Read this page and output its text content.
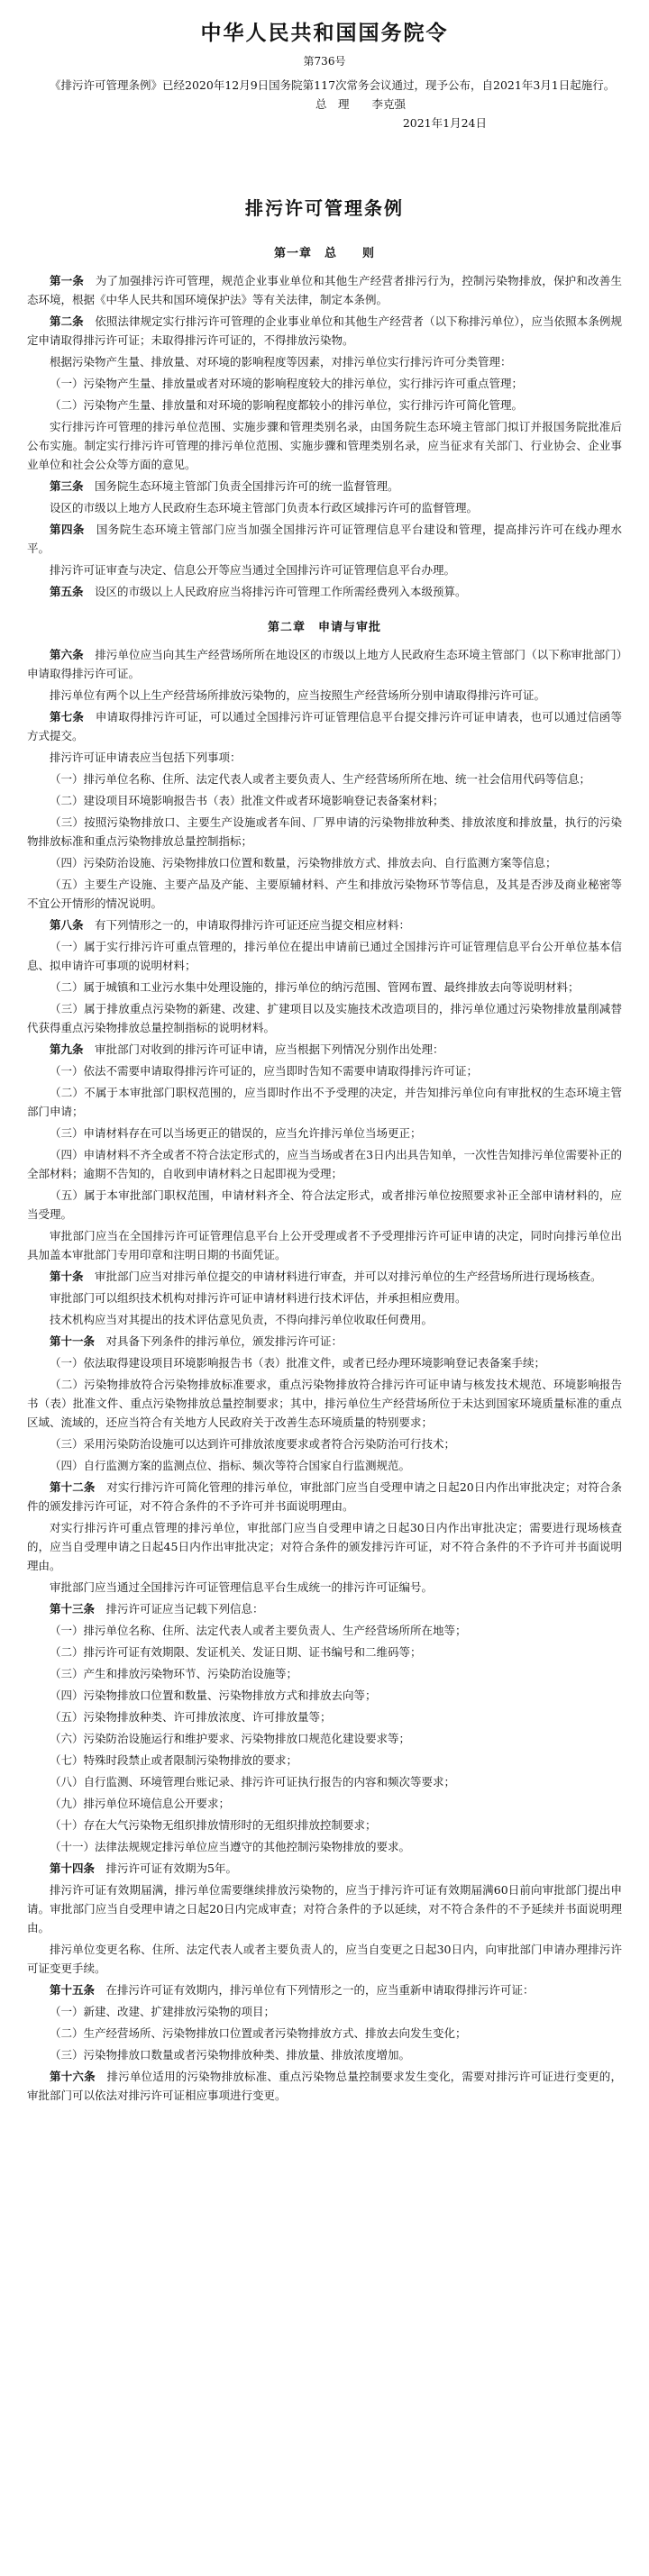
中华人民共和国国务院令
第736号

《排污许可管理条例》已经2020年12月9日国务院第117次常务会议通过，现予公布，自2021年3月1日起施行。

总　理   李克强

2021年1月24日

排污许可管理条例
第一章　总　　则

第一条　 为了加强排污许可管理，规范企业事业单位和其他生产经营者排污行为，控制污染物排放，保护和改善生态环境，根据《中华人民共和国环境保护法》等有关法律，制定本条例。

第二条　 依照法律规定实行排污许可管理的企业事业单位和其他生产经营者（以下称排污单位），应当依照本条例规定申请取得排污许可证；未取得排污许可证的，不得排放污染物。

根据污染物产生量、排放量、对环境的影响程度等因素，对排污单位实行排污许可分类管理：

（一）污染物产生量、排放量或者对环境的影响程度较大的排污单位，实行排污许可重点管理；

（二）污染物产生量、排放量和对环境的影响程度都较小的排污单位，实行排污许可简化管理。

实行排污许可管理的排污单位范围、实施步骤和管理类别名录，由国务院生态环境主管部门拟订并报国务院批准后公布实施。制定实行排污许可管理的排污单位范围、实施步骤和管理类别名录，应当征求有关部门、行业协会、企业事业单位和社会公众等方面的意见。

第三条　 国务院生态环境主管部门负责全国排污许可的统一监督管理。

设区的市级以上地方人民政府生态环境主管部门负责本行政区域排污许可的监督管理。

第四条　 国务院生态环境主管部门应当加强全国排污许可证管理信息平台建设和管理，提高排污许可在线办理水平。

排污许可证审查与决定、信息公开等应当通过全国排污许可证管理信息平台办理。

第五条　 设区的市级以上人民政府应当将排污许可管理工作所需经费列入本级预算。

第二章　申请与审批

第六条　 排污单位应当向其生产经营场所所在地设区的市级以上地方人民政府生态环境主管部门（以下称审批部门）申请取得排污许可证。

排污单位有两个以上生产经营场所排放污染物的，应当按照生产经营场所分别申请取得排污许可证。

第七条　 申请取得排污许可证，可以通过全国排污许可证管理信息平台提交排污许可证申请表，也可以通过信函等方式提交。

排污许可证申请表应当包括下列事项：

（一）排污单位名称、住所、法定代表人或者主要负责人、生产经营场所所在地、统一社会信用代码等信息；

（二）建设项目环境影响报告书（表）批准文件或者环境影响登记表备案材料；

（三）按照污染物排放口、主要生产设施或者车间、厂界申请的污染物排放种类、排放浓度和排放量，执行的污染物排放标准和重点污染物排放总量控制指标；

（四）污染防治设施、污染物排放口位置和数量，污染物排放方式、排放去向、自行监测方案等信息；

（五）主要生产设施、主要产品及产能、主要原辅材料、产生和排放污染物环节等信息，及其是否涉及商业秘密等不宜公开情形的情况说明。

第八条　 有下列情形之一的，申请取得排污许可证还应当提交相应材料：

（一）属于实行排污许可重点管理的，排污单位在提出申请前已通过全国排污许可证管理信息平台公开单位基本信息、拟申请许可事项的说明材料；

（二）属于城镇和工业污水集中处理设施的，排污单位的纳污范围、管网布置、最终排放去向等说明材料；

（三）属于排放重点污染物的新建、改建、扩建项目以及实施技术改造项目的，排污单位通过污染物排放量削减替代获得重点污染物排放总量控制指标的说明材料。

第九条　 审批部门对收到的排污许可证申请，应当根据下列情况分别作出处理：

（一）依法不需要申请取得排污许可证的，应当即时告知不需要申请取得排污许可证；

（二）不属于本审批部门职权范围的，应当即时作出不予受理的决定，并告知排污单位向有审批权的生态环境主管部门申请；

（三）申请材料存在可以当场更正的错误的，应当允许排污单位当场更正；

（四）申请材料不齐全或者不符合法定形式的，应当当场或者在3日内出具告知单，一次性告知排污单位需要补正的全部材料；逾期不告知的，自收到申请材料之日起即视为受理；

（五）属于本审批部门职权范围，申请材料齐全、符合法定形式，或者排污单位按照要求补正全部申请材料的，应当受理。

审批部门应当在全国排污许可证管理信息平台上公开受理或者不予受理排污许可证申请的决定，同时向排污单位出具加盖本审批部门专用印章和注明日期的书面凭证。

第十条　 审批部门应当对排污单位提交的申请材料进行审查，并可以对排污单位的生产经营场所进行现场核查。

审批部门可以组织技术机构对排污许可证申请材料进行技术评估，并承担相应费用。

技术机构应当对其提出的技术评估意见负责，不得向排污单位收取任何费用。

第十一条　 对具备下列条件的排污单位，颁发排污许可证：

（一）依法取得建设项目环境影响报告书（表）批准文件，或者已经办理环境影响登记表备案手续；

（二）污染物排放符合污染物排放标准要求，重点污染物排放符合排污许可证申请与核发技术规范、环境影响报告书（表）批准文件、重点污染物排放总量控制要求；其中，排污单位生产经营场所位于未达到国家环境质量标准的重点区域、流域的，还应当符合有关地方人民政府关于改善生态环境质量的特别要求；

（三）采用污染防治设施可以达到许可排放浓度要求或者符合污染防治可行技术；

（四）自行监测方案的监测点位、指标、频次等符合国家自行监测规范。

第十二条　 对实行排污许可简化管理的排污单位，审批部门应当自受理申请之日起20日内作出审批决定；对符合条件的颁发排污许可证，对不符合条件的不予许可并书面说明理由。

对实行排污许可重点管理的排污单位，审批部门应当自受理申请之日起30日内作出审批决定；需要进行现场核查的，应当自受理申请之日起45日内作出审批决定；对符合条件的颁发排污许可证，对不符合条件的不予许可并书面说明理由。

审批部门应当通过全国排污许可证管理信息平台生成统一的排污许可证编号。

第十三条　 排污许可证应当记载下列信息：

（一）排污单位名称、住所、法定代表人或者主要负责人、生产经营场所所在地等；

（二）排污许可证有效期限、发证机关、发证日期、证书编号和二维码等；

（三）产生和排放污染物环节、污染防治设施等；

（四）污染物排放口位置和数量、污染物排放方式和排放去向等；

（五）污染物排放种类、许可排放浓度、许可排放量等；

（六）污染防治设施运行和维护要求、污染物排放口规范化建设要求等；

（七）特殊时段禁止或者限制污染物排放的要求；

（八）自行监测、环境管理台账记录、排污许可证执行报告的内容和频次等要求；

（九）排污单位环境信息公开要求；

（十）存在大气污染物无组织排放情形时的无组织排放控制要求；

（十一）法律法规规定排污单位应当遵守的其他控制污染物排放的要求。

第十四条　 排污许可证有效期为5年。

排污许可证有效期届满，排污单位需要继续排放污染物的，应当于排污许可证有效期届满60日前向审批部门提出申请。审批部门应当自受理申请之日起20日内完成审查；对符合条件的予以延续，对不符合条件的不予延续并书面说明理由。

排污单位变更名称、住所、法定代表人或者主要负责人的，应当自变更之日起30日内，向审批部门申请办理排污许可证变更手续。

第十五条　 在排污许可证有效期内，排污单位有下列情形之一的，应当重新申请取得排污许可证：

（一）新建、改建、扩建排放污染物的项目；

（二）生产经营场所、污染物排放口位置或者污染物排放方式、排放去向发生变化；

（三）污染物排放口数量或者污染物排放种类、排放量、排放浓度增加。

第十六条　 排污单位适用的污染物排放标准、重点污染物总量控制要求发生变化，需要对排污许可证进行变更的，审批部门可以依法对排污许可证相应事项进行变更。
